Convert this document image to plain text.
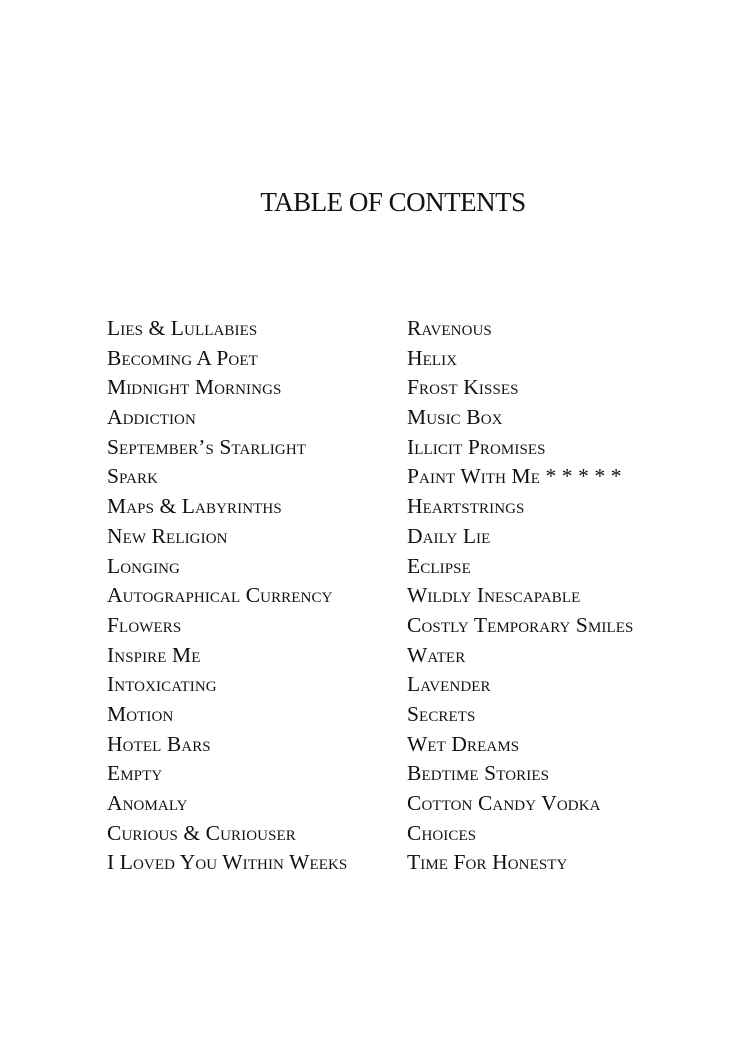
TABLE OF CONTENTS
Lies & Lullabies
Becoming A Poet
Midnight Mornings
Addiction
September’s Starlight
Spark
Maps & Labyrinths
New Religion
Longing
Autographical Currency
Flowers
Inspire Me
Intoxicating
Motion
Hotel Bars
Empty
Anomaly
Curious & Curiouser
I Loved You Within Weeks
Ravenous
Helix
Frost Kisses
Music Box
Illicit Promises
Paint With Me * * * * *
Heartstrings
Daily Lie
Eclipse
Wildly Inescapable
Costly Temporary Smiles
Water
Lavender
Secrets
Wet Dreams
Bedtime Stories
Cotton Candy Vodka
Choices
Time For Honesty
